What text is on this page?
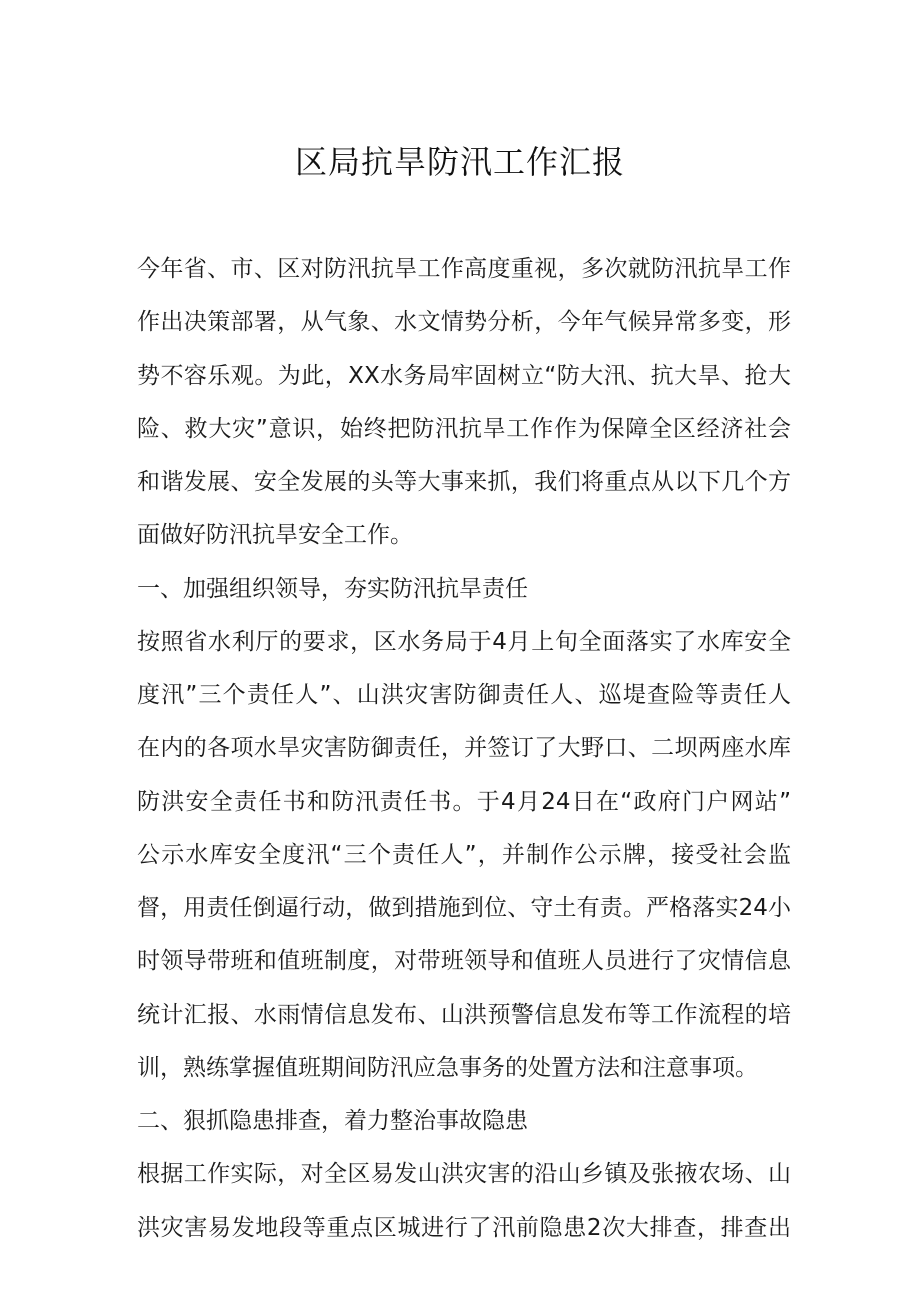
区局抗旱防汛工作汇报
今年省、市、区对防汛抗旱工作高度重视，多次就防汛抗旱工作
作出决策部署，从气象、水文情势分析，今年气候异常多变，形
势不容乐观。为此，XX水务局牢固树立“防大汛、抗大旱、抢大
险、救大灾”意识，始终把防汛抗旱工作作为保障全区经济社会
和谐发展、安全发展的头等大事来抓，我们将重点从以下几个方
面做好防汛抗旱安全工作。
一、加强组织领导，夯实防汛抗旱责任
按照省水利厅的要求，区水务局于4月上旬全面落实了水库安全
度汛”三个责任人”、山洪灾害防御责任人、巡堤查险等责任人
在内的各项水旱灾害防御责任，并签订了大野口、二坝两座水库
防洪安全责任书和防汛责任书。于4月24日在“政府门户网站”
公示水库安全度汛“三个责任人”，并制作公示牌，接受社会监
督，用责任倒逼行动，做到措施到位、守土有责。严格落实24小
时领导带班和值班制度，对带班领导和值班人员进行了灾情信息
统计汇报、水雨情信息发布、山洪预警信息发布等工作流程的培
训，熟练掌握值班期间防汛应急事务的处置方法和注意事项。
二、狠抓隐患排查，着力整治事故隐患
根据工作实际，对全区易发山洪灾害的沿山乡镇及张掖农场、山
洪灾害易发地段等重点区城进行了汛前隐患2次大排查，排查出
